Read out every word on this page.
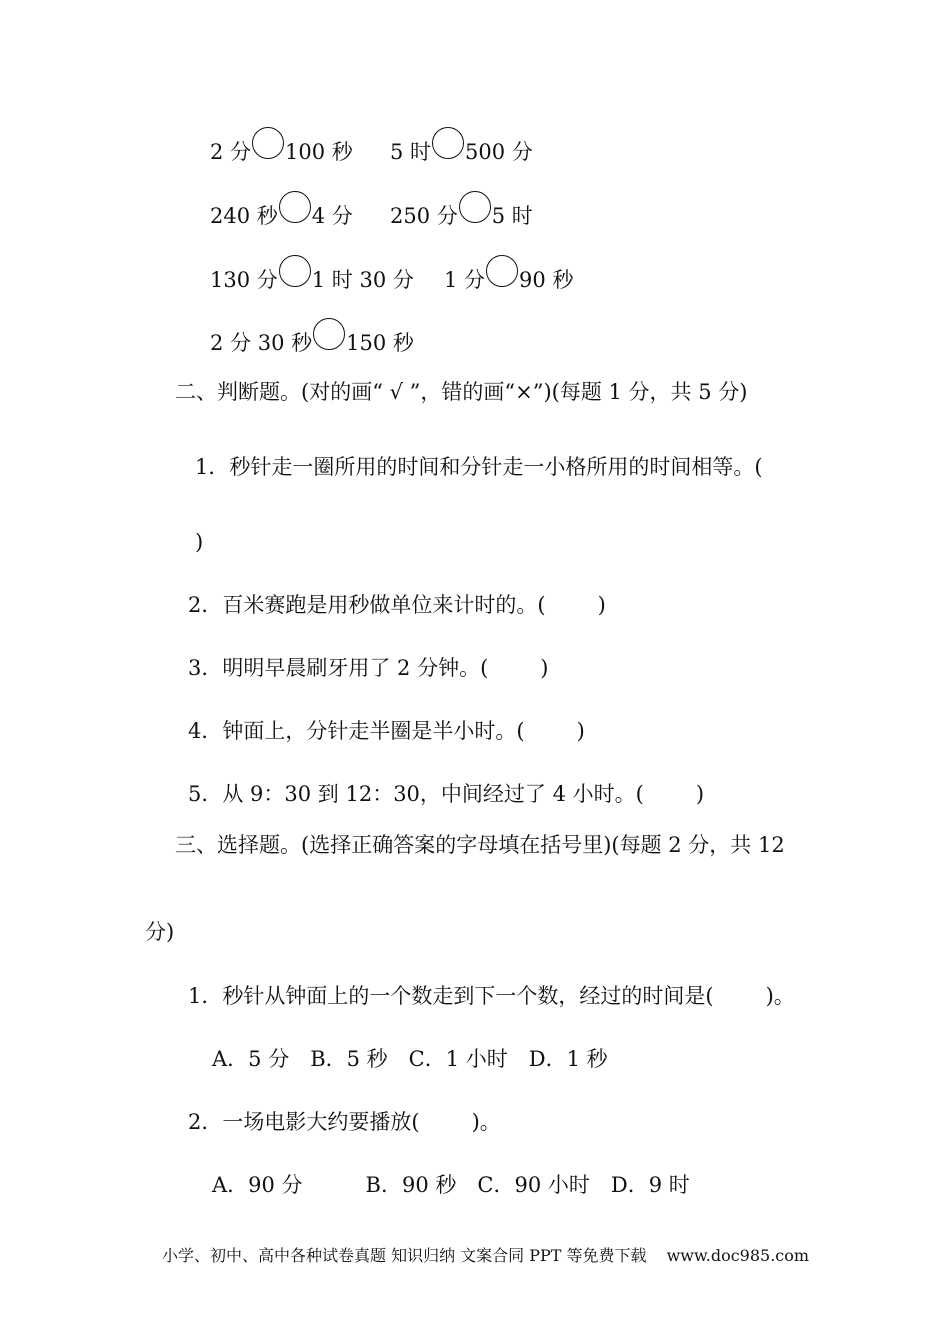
2 分 100 秒 5 时 500 分
240 秒 4 分 250 分 5 时
130 分 1 时 30 分 1 分 90 秒
2 分 30 秒 150 秒
二、判断题。(对的画“ √ ”，错的画“×”)(每题 1 分，共 5 分)
1．秒针走一圈所用的时间和分针走一小格所用的时间相等。(
)
2．百米赛跑是用秒做单位来计时的。( )
3．明明早晨刷牙用了 2 分钟。( )
4．钟面上，分针走半圈是半小时。( )
5．从 9：30 到 12：30，中间经过了 4 小时。( )
三、选择题。(选择正确答案的字母填在括号里)(每题 2 分，共 12
分)
1．秒针从钟面上的一个数走到下一个数，经过的时间是( )。
A．5 分　B．5 秒　C．1 小时　D．1 秒
2．一场电影大约要播放( )。
A．90 分　　　B．90 秒　C．90 小时　D．9 时
小学、初中、高中各种试卷真题 知识归纳 文案合同 PPT 等免费下载 www.doc985.com
